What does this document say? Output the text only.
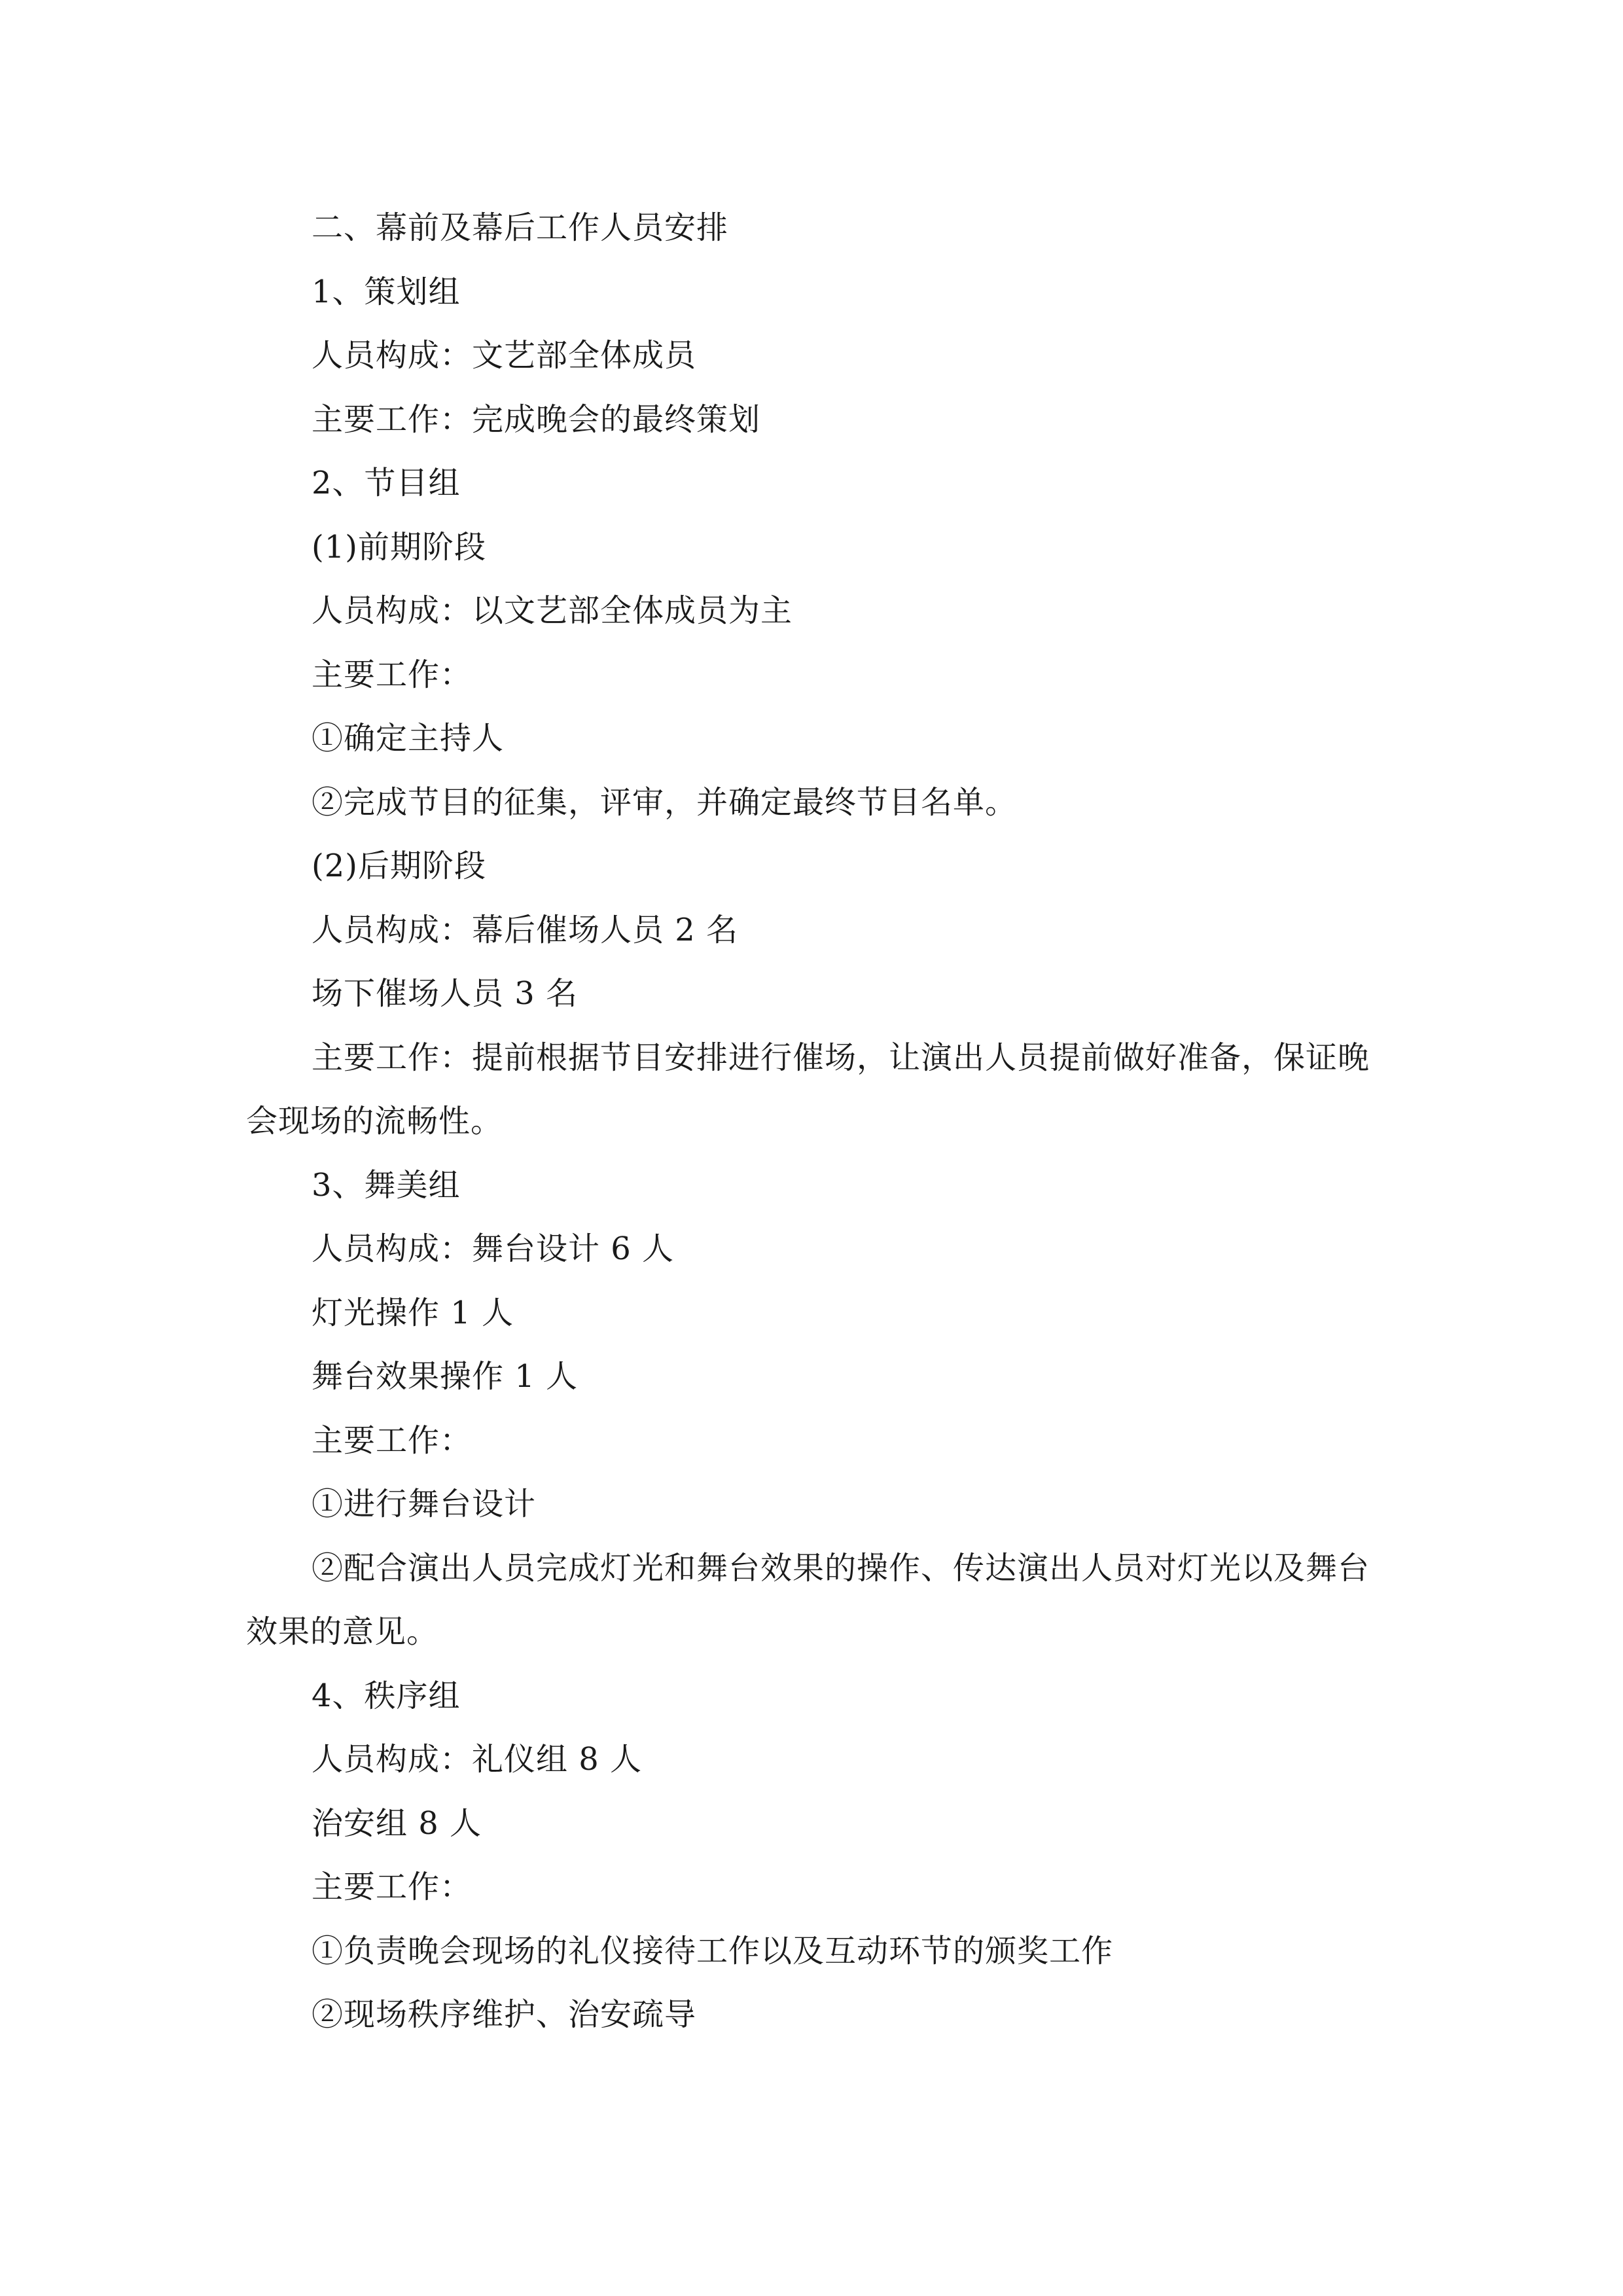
二、幕前及幕后工作人员安排
1、策划组
人员构成：文艺部全体成员
主要工作：完成晚会的最终策划
2、节目组
(1)前期阶段
人员构成：以文艺部全体成员为主
主要工作：
①确定主持人
②完成节目的征集，评审，并确定最终节目名单。
(2)后期阶段
人员构成：幕后催场人员 2 名
场下催场人员 3 名
主要工作：提前根据节目安排进行催场，让演出人员提前做好准备，保证晚会现场的流畅性。
3、舞美组
人员构成：舞台设计 6 人
灯光操作 1 人
舞台效果操作 1 人
主要工作：
①进行舞台设计
②配合演出人员完成灯光和舞台效果的操作、传达演出人员对灯光以及舞台效果的意见。
4、秩序组
人员构成：礼仪组 8 人
治安组 8 人
主要工作：
①负责晚会现场的礼仪接待工作以及互动环节的颁奖工作
②现场秩序维护、治安疏导
